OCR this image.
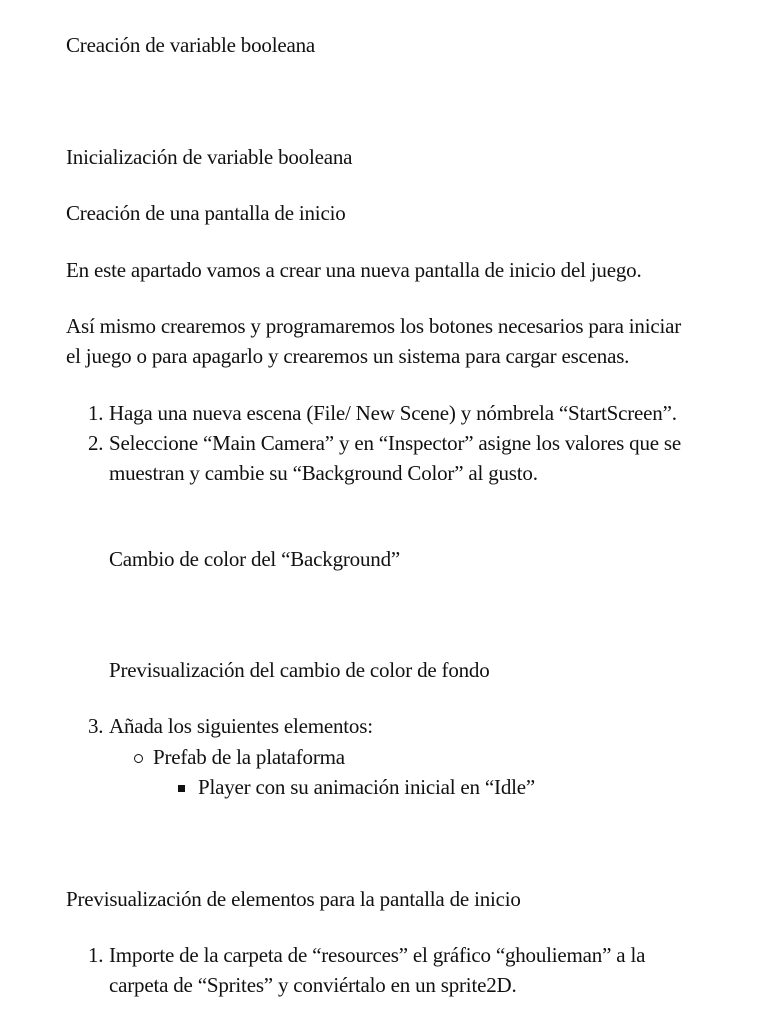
Creación de variable booleana
Inicialización de variable booleana
Creación de una pantalla de inicio
En este apartado vamos a crear una nueva pantalla de inicio del juego.
Así mismo crearemos y programaremos los botones necesarios para iniciar
el juego o para apagarlo y crearemos un sistema para cargar escenas.
1. Haga una nueva escena (File/ New Scene) y nómbrela “StartScreen”.
2. Seleccione “Main Camera” y en “Inspector” asigne los valores que se
muestran y cambie su “Background Color” al gusto.
Cambio de color del “Background”
Previsualización del cambio de color de fondo
3. Añada los siguientes elementos:
Prefab de la plataforma
Player con su animación inicial en “Idle”
Previsualización de elementos para la pantalla de inicio
1. Importe de la carpeta de “resources” el gráfico “ghoulieman” a la
carpeta de “Sprites” y conviértalo en un sprite2D.
